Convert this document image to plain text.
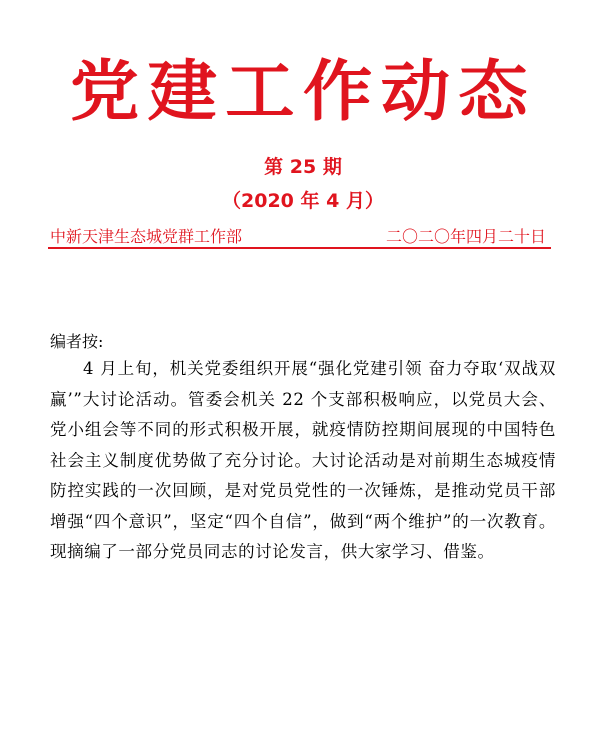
党建工作动态
第 25 期
（2020 年 4 月）
中新天津生态城党群工作部	二〇二〇年四月二十日
编者按:

4 月上旬，机关党委组织开展“强化党建引领 奋力夺取‘双战双赢’”大讨论活动。管委会机关 22 个支部积极响应，以党员大会、党小组会等不同的形式积极开展，就疫情防控期间展现的中国特色社会主义制度优势做了充分讨论。大讨论活动是对前期生态城疫情防控实践的一次回顾，是对党员党性的一次锤炼，是推动党员干部增强“四个意识”，坚定“四个自信”，做到“两个维护”的一次教育。现摘编了一部分党员同志的讨论发言，供大家学习、借鉴。
